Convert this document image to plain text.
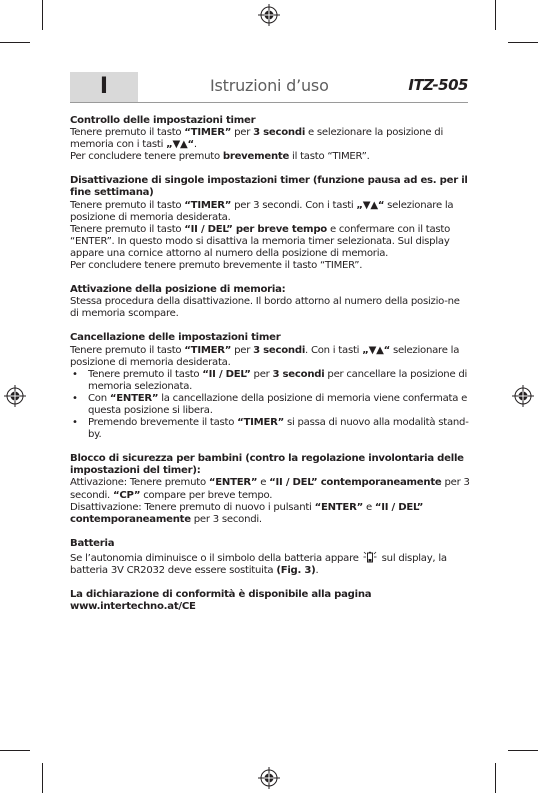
I	Istruzioni d’uso	ITZ-505

Controllo delle impostazioni timer

Tenere premuto il tasto “TIMER” per 3 secondi e selezionare la posizione di memoria con i tasti „▼▲“.

Per concludere tenere premuto brevemente il tasto “TIMER”.

Disattivazione di singole impostazioni timer (funzione pausa ad es. per il fine settimana)

Tenere premuto il tasto “TIMER” per 3 secondi. Con i tasti „▼▲“ selezionare la posizione di memoria desiderata.

Tenere premuto il tasto “II / DEL” per breve tempo e confermare con il tasto “ENTER”. In questo modo si disattiva la memoria timer selezionata. Sul display appare una cornice attorno al numero della posizione di memoria.

Per concludere tenere premuto brevemente il tasto “TIMER”.

Attivazione della posizione di memoria:

Stessa procedura della disattivazione. Il bordo attorno al numero della posizio-ne di memoria scompare.

Cancellazione delle impostazioni timer

Tenere premuto il tasto “TIMER” per 3 secondi. Con i tasti „▼▲“ selezionare la posizione di memoria desiderata.

• Tenere premuto il tasto “II / DEL” per 3 secondi per cancellare la posizione di memoria selezionata.
• Con “ENTER” la cancellazione della posizione di memoria viene confermata e questa posizione si libera.
• Premendo brevemente il tasto “TIMER” si passa di nuovo alla modalità stand-by.

Blocco di sicurezza per bambini (contro la regolazione involontaria delle impostazioni del timer):

Attivazione: Tenere premuto “ENTER” e “II / DEL” contemporaneamente per 3 secondi. “CP” compare per breve tempo.

Disattivazione: Tenere premuto di nuovo i pulsanti “ENTER” e “II / DEL” contemporaneamente per 3 secondi.

Batteria

Se l’autonomia diminuisce o il simbolo della batteria appare sul display, la batteria 3V CR2032 deve essere sostituita (Fig. 3).

La dichiarazione di conformità è disponibile alla pagina

www.intertechno.at/CE
